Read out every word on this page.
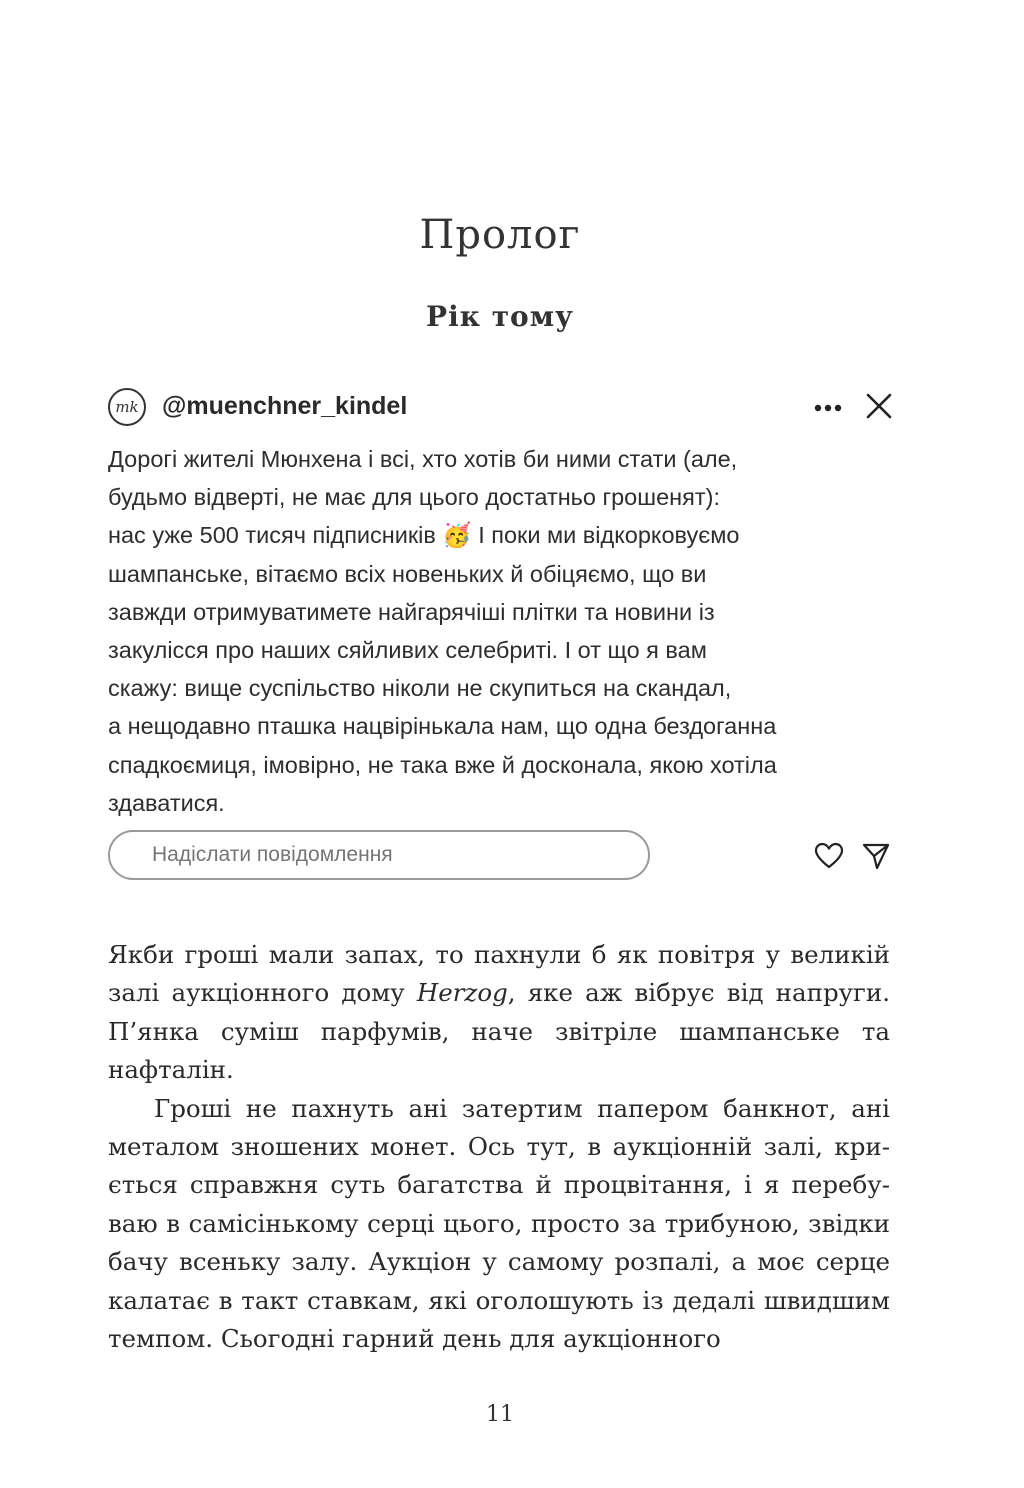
Пролог
Рік тому
mk @muenchner_kindel

Дорогі жителі Мюнхена і всі, хто хотів би ними стати (але,
будьмо відверті, не має для цього достатньо грошенят):
нас уже 500 тисяч підписників 🥳 І поки ми відкорковуємо
шампанське, вітаємо всіх новеньких й обіцяємо, що ви
завжди отримуватимете найгарячіші плітки та новини із
закулісся про наших сяйливих селебриті. І от що я вам
скажу: вище суспільство ніколи не скупиться на скандал,
а нещодавно пташка нацвірінькала нам, що одна бездоганна
спадкоємиця, імовірно, не така вже й досконала, якою хотіла
здаватися.

Надіслати повідомлення

Якби гроші мали запах, то пахнули б як повітря у великій залі аукціонного дому Herzog, яке аж вібрує від напруги. П’янка суміш парфумів, наче звітріле шампанське та нафталін.

Гроші не пахнуть ані затертим папером банкнот, ані металом зношених монет. Ось тут, в аукціонній залі, криється справжня суть багатства й процвітання, і я перебуваю в самісінькому серці цього, просто за трибуною, звідки бачу всеньку залу. Аукціон у самому розпалі, а моє серце калатає в такт ставкам, які оголошують із дедалі швидшим темпом. Сьогодні гарний день для аукціонного

11
